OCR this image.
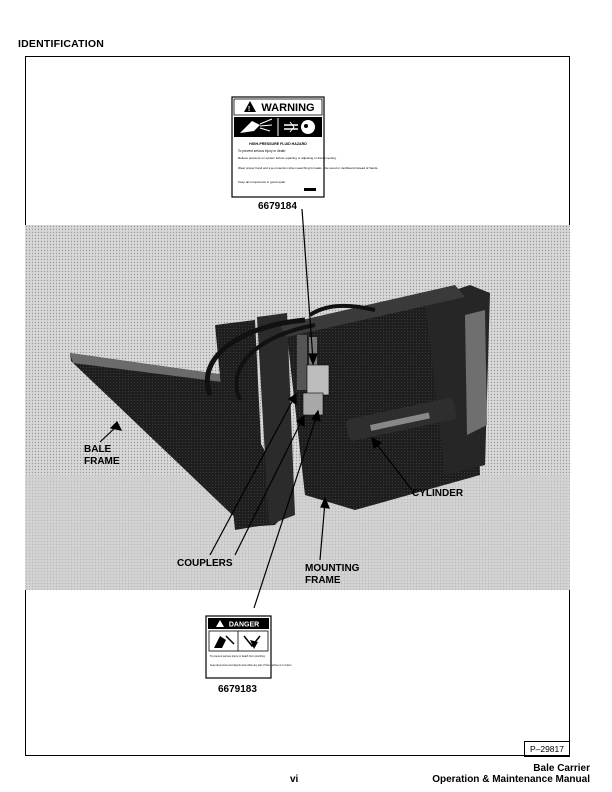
IDENTIFICATION
! WARNING
HIGH-PRESSURE FLUID HAZARD
To prevent serious injury or death:
Relieve pressure on system before repairing or adjusting or disconnecting.
Wear proper hand and eye protection when searching for leaks. Use wood or cardboard instead of hands.
Keep all components in good repair.
6679184
BALE
FRAME
CYLINDER
COUPLERS	MOUNTING
FRAME
DANGER
To prevent serious injury or death from pinching:
Keep all persons and objects clear while any part of this machine is in motion.
6679183
P–29817
vi
Bale Carrier
Operation & Maintenance Manual
